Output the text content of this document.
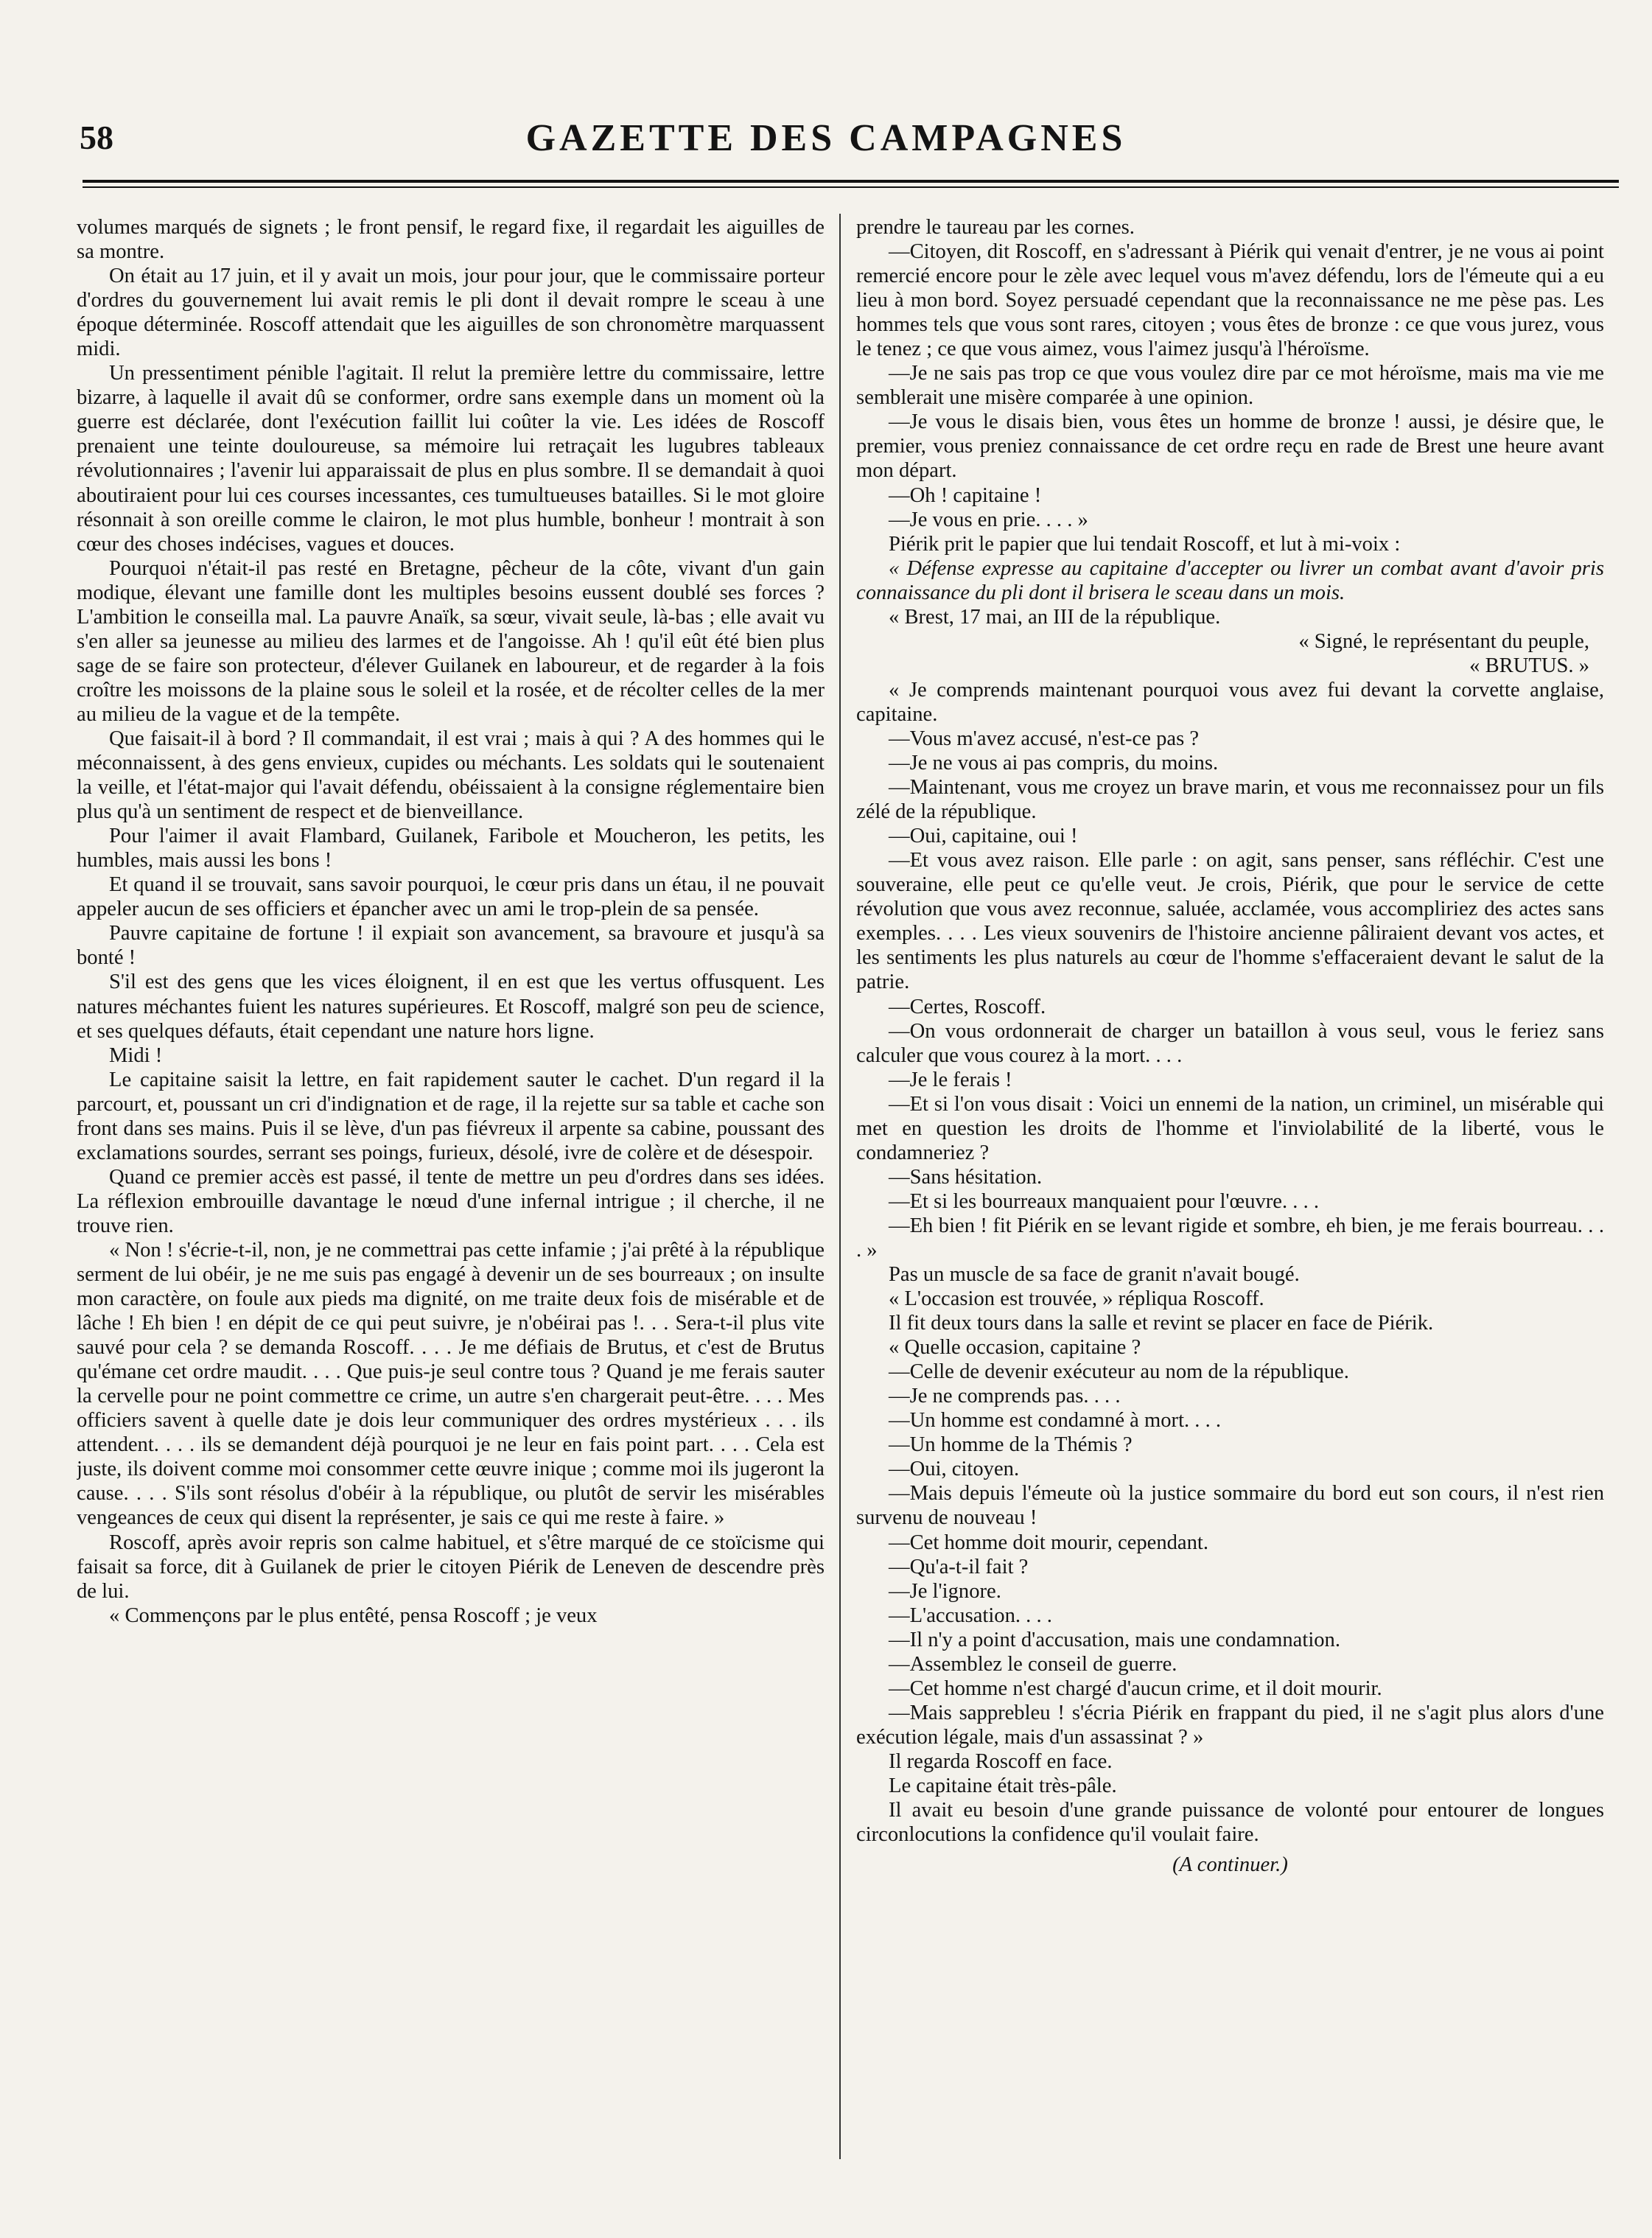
58	GAZETTE DES CAMPAGNES

volumes marqués de signets ; le front pensif, le regard fixe, il regardait les aiguilles de sa montre.

On était au 17 juin, et il y avait un mois, jour pour jour, que le commissaire porteur d'ordres du gouvernement lui avait remis le pli dont il devait rompre le sceau à une époque déterminée. Roscoff attendait que les aiguilles de son chronomètre marquassent midi.

Un pressentiment pénible l'agitait. Il relut la première lettre du commissaire, lettre bizarre, à laquelle il avait dû se conformer, ordre sans exemple dans un moment où la guerre est déclarée, dont l'exécution faillit lui coûter la vie. Les idées de Roscoff prenaient une teinte douloureuse, sa mémoire lui retraçait les lugubres tableaux révolutionnaires ; l'avenir lui apparaissait de plus en plus sombre. Il se demandait à quoi aboutiraient pour lui ces courses incessantes, ces tumultueuses batailles. Si le mot gloire résonnait à son oreille comme le clairon, le mot plus humble, bonheur ! montrait à son cœur des choses indécises, vagues et douces.

Pourquoi n'était-il pas resté en Bretagne, pêcheur de la côte, vivant d'un gain modique, élevant une famille dont les multiples besoins eussent doublé ses forces ? L'ambition le conseilla mal. La pauvre Anaïk, sa sœur, vivait seule, là-bas ; elle avait vu s'en aller sa jeunesse au milieu des larmes et de l'angoisse. Ah ! qu'il eût été bien plus sage de se faire son protecteur, d'élever Guilanek en laboureur, et de regarder à la fois croître les moissons de la plaine sous le soleil et la rosée, et de récolter celles de la mer au milieu de la vague et de la tempête.

Que faisait-il à bord ? Il commandait, il est vrai ; mais à qui ? A des hommes qui le méconnaissent, à des gens envieux, cupides ou méchants. Les soldats qui le soutenaient la veille, et l'état-major qui l'avait défendu, obéissaient à la consigne réglementaire bien plus qu'à un sentiment de respect et de bienveillance.

Pour l'aimer il avait Flambard, Guilanek, Faribole et Moucheron, les petits, les humbles, mais aussi les bons !

Et quand il se trouvait, sans savoir pourquoi, le cœur pris dans un étau, il ne pouvait appeler aucun de ses officiers et épancher avec un ami le trop-plein de sa pensée.

Pauvre capitaine de fortune ! il expiait son avancement, sa bravoure et jusqu'à sa bonté !

S'il est des gens que les vices éloignent, il en est que les vertus offusquent. Les natures méchantes fuient les natures supérieures. Et Roscoff, malgré son peu de science, et ses quelques défauts, était cependant une nature hors ligne.

Midi !

Le capitaine saisit la lettre, en fait rapidement sauter le cachet. D'un regard il la parcourt, et, poussant un cri d'indignation et de rage, il la rejette sur sa table et cache son front dans ses mains. Puis il se lève, d'un pas fiévreux il arpente sa cabine, poussant des exclamations sourdes, serrant ses poings, furieux, désolé, ivre de colère et de désespoir.

Quand ce premier accès est passé, il tente de mettre un peu d'ordres dans ses idées. La réflexion embrouille davantage le nœud d'une infernal intrigue ; il cherche, il ne trouve rien.

« Non ! s'écrie-t-il, non, je ne commettrai pas cette infamie ; j'ai prêté à la république serment de lui obéir, je ne me suis pas engagé à devenir un de ses bourreaux ; on insulte mon caractère, on foule aux pieds ma dignité, on me traite deux fois de misérable et de lâche ! Eh bien ! en dépit de ce qui peut suivre, je n'obéirai pas !. . . Sera-t-il plus vite sauvé pour cela ? se demanda Roscoff. . . . Je me défiais de Brutus, et c'est de Brutus qu'émane cet ordre maudit. . . . Que puis-je seul contre tous ? Quand je me ferais sauter la cervelle pour ne point commettre ce crime, un autre s'en chargerait peut-être. . . . Mes officiers savent à quelle date je dois leur communiquer des ordres mystérieux . . . ils attendent. . . . ils se demandent déjà pourquoi je ne leur en fais point part. . . . Cela est juste, ils doivent comme moi consommer cette œuvre inique ; comme moi ils jugeront la cause. . . . S'ils sont résolus d'obéir à la république, ou plutôt de servir les misérables vengeances de ceux qui disent la représenter, je sais ce qui me reste à faire. »

Roscoff, après avoir repris son calme habituel, et s'être marqué de ce stoïcisme qui faisait sa force, dit à Guilanek de prier le citoyen Piérik de Leneven de descendre près de lui.

« Commençons par le plus entêté, pensa Roscoff ; je veux

prendre le taureau par les cornes.

—Citoyen, dit Roscoff, en s'adressant à Piérik qui venait d'entrer, je ne vous ai point remercié encore pour le zèle avec lequel vous m'avez défendu, lors de l'émeute qui a eu lieu à mon bord. Soyez persuadé cependant que la reconnaissance ne me pèse pas. Les hommes tels que vous sont rares, citoyen ; vous êtes de bronze : ce que vous jurez, vous le tenez ; ce que vous aimez, vous l'aimez jusqu'à l'héroïsme.

—Je ne sais pas trop ce que vous voulez dire par ce mot héroïsme, mais ma vie me semblerait une misère comparée à une opinion.

—Je vous le disais bien, vous êtes un homme de bronze ! aussi, je désire que, le premier, vous preniez connaissance de cet ordre reçu en rade de Brest une heure avant mon départ.

—Oh ! capitaine !

—Je vous en prie. . . . »

Piérik prit le papier que lui tendait Roscoff, et lut à mi-voix :

« Défense expresse au capitaine d'accepter ou livrer un combat avant d'avoir pris connaissance du pli dont il brisera le sceau dans un mois.

« Brest, 17 mai, an III de la république.

« Signé, le représentant du peuple,

« BRUTUS. »

« Je comprends maintenant pourquoi vous avez fui devant la corvette anglaise, capitaine.

—Vous m'avez accusé, n'est-ce pas ?

—Je ne vous ai pas compris, du moins.

—Maintenant, vous me croyez un brave marin, et vous me reconnaissez pour un fils zélé de la république.

—Oui, capitaine, oui !

—Et vous avez raison. Elle parle : on agit, sans penser, sans réfléchir. C'est une souveraine, elle peut ce qu'elle veut. Je crois, Piérik, que pour le service de cette révolution que vous avez reconnue, saluée, acclamée, vous accompliriez des actes sans exemples. . . . Les vieux souvenirs de l'histoire ancienne pâliraient devant vos actes, et les sentiments les plus naturels au cœur de l'homme s'effaceraient devant le salut de la patrie.

—Certes, Roscoff.

—On vous ordonnerait de charger un bataillon à vous seul, vous le feriez sans calculer que vous courez à la mort. . . .

—Je le ferais !

—Et si l'on vous disait : Voici un ennemi de la nation, un criminel, un misérable qui met en question les droits de l'homme et l'inviolabilité de la liberté, vous le condamneriez ?

—Sans hésitation.

—Et si les bourreaux manquaient pour l'œuvre. . . .

—Eh bien ! fit Piérik en se levant rigide et sombre, eh bien, je me ferais bourreau. . . . »

Pas un muscle de sa face de granit n'avait bougé.

« L'occasion est trouvée, » répliqua Roscoff.

Il fit deux tours dans la salle et revint se placer en face de Piérik.

« Quelle occasion, capitaine ?

—Celle de devenir exécuteur au nom de la république.

—Je ne comprends pas. . . .

—Un homme est condamné à mort. . . .

—Un homme de la Thémis ?

—Oui, citoyen.

—Mais depuis l'émeute où la justice sommaire du bord eut son cours, il n'est rien survenu de nouveau !

—Cet homme doit mourir, cependant.

—Qu'a-t-il fait ?

—Je l'ignore.

—L'accusation. . . .

—Il n'y a point d'accusation, mais une condamnation.

—Assemblez le conseil de guerre.

—Cet homme n'est chargé d'aucun crime, et il doit mourir.

—Mais sapprebleu ! s'écria Piérik en frappant du pied, il ne s'agit plus alors d'une exécution légale, mais d'un assassinat ? »

Il regarda Roscoff en face.

Le capitaine était très-pâle.

Il avait eu besoin d'une grande puissance de volonté pour entourer de longues circonlocutions la confidence qu'il voulait faire.

(A continuer.)
